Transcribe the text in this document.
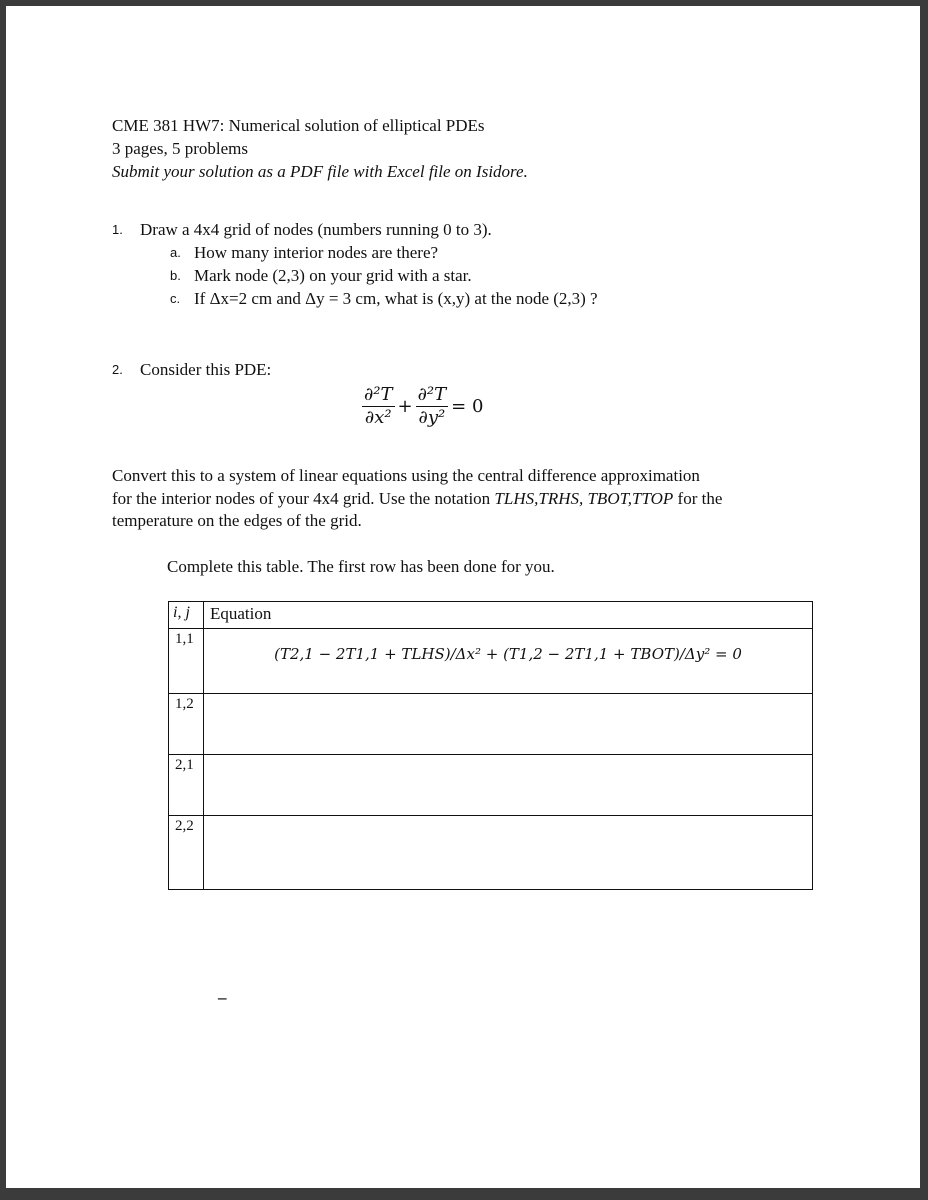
CME 381 HW7: Numerical solution of elliptical PDEs
3 pages, 5 problems
Submit your solution as a PDF file with Excel file on Isidore.
1. Draw a 4x4 grid of nodes (numbers running 0 to 3).
a. How many interior nodes are there?
b. Mark node (2,3) on your grid with a star.
c. If Δx=2 cm and Δy = 3 cm, what is (x,y) at the node (2,3) ?
2. Consider this PDE:
$\frac{\text{∂²T}}{\text{∂x²}} + \frac{\text{∂²T}}{\text{∂y²}} = 0$
Convert this to a system of linear equations using the central difference approximation
for the interior nodes of your 4x4 grid. Use the notation TLHS,TRHS, TBOT,TTOP for the
temperature on the edges of the grid.
Complete this table. The first row has been done for you.
i, j	Equation
1,1	(T2,1 − 2T1,1 + TLHS)/Δx² + (T1,2 − 2T1,1 + TBOT)/Δy² = 0

1,2	
2,1	
2,2	
–
